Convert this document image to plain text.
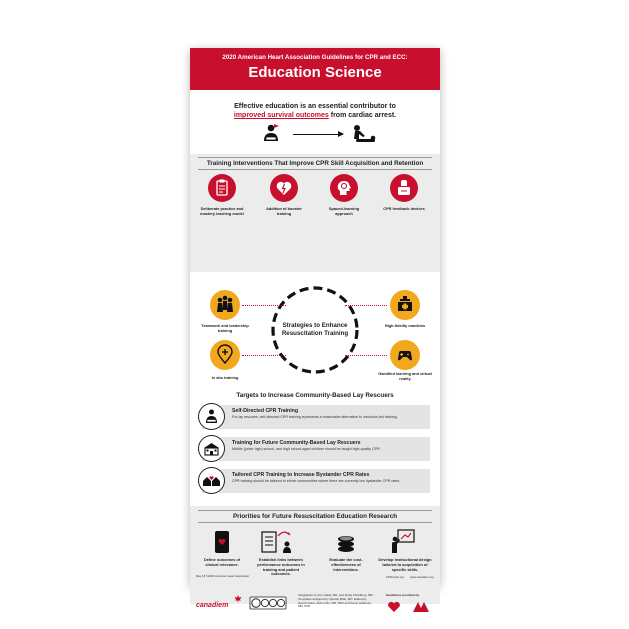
2020 American Heart Association Guidelines for CPR and ECC:
Education Science
Effective education is an essential contributor to
improved survival outcomes from cardiac arrest.
Training Interventions That Improve CPR Skill Acquisition and Retention
Deliberate practice and mastery learning model
Addition of booster training
Spaced-learning approach
CPR feedback devices
Strategies to Enhance Resuscitation Training
Teamwork and leadership training
In situ training
High-fidelity manikins
Gamified learning and virtual reality
Targets to Increase Community-Based Lay Rescuers
Self-Directed CPR Training
For lay rescuers, self-directed CPR training represents a reasonable alternative to instructor-led training.
Training for Future Community-Based Lay Rescuers
Middle (junior high) school- and high school-aged children should be taught high-quality CPR.
Tailored CPR Training to Increase Bystander CPR Rates
CPR training should be tailored to ethnic communities where there are currently low bystander CPR rates.
Priorities for Future Resuscitation Education Research
Define outcomes of clinical relevance.
Establish links between performance outcomes in training and patient outcomes.
Evaluate the cost-effectiveness of interventions.
Develop instructional design tailored to acquisition of specific skills.
canadiem
Infographic by Kim Hollis, MD, and Emily Kitzelberg, MD. Templates designed by Sparsh Bhat, MD. Edited by Dyesh Grant, Alvin Chin, MD, MSc and Kevin Jefferson, MD, PhD.
Guidelines provided by
May 18 ©2020 American Heart Association	CPR.heart.org	www.canadiem.org
